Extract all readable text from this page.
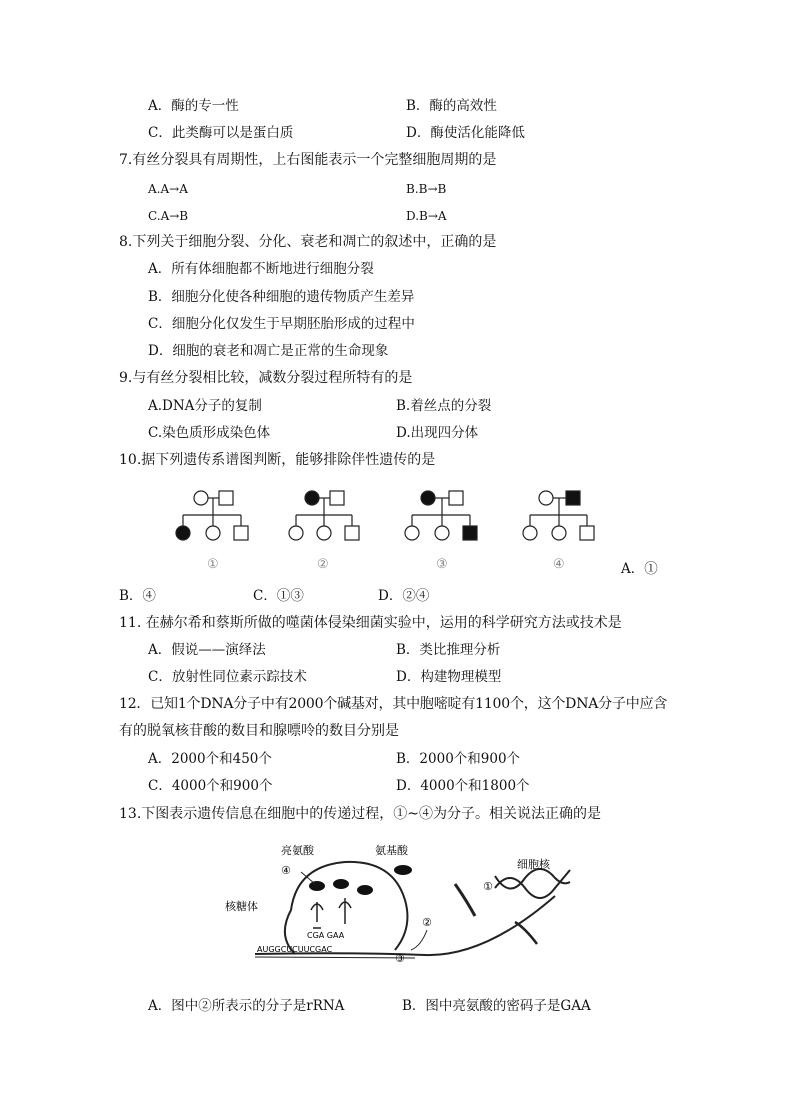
A．酶的专一性	B．酶的高效性
C．此类酶可以是蛋白质	D．酶使活化能降低
7.有丝分裂具有周期性，上右图能表示一个完整细胞周期的是
A.A→A	B.B→B
C.A→B	D.B→A
8.下列关于细胞分裂、分化、衰老和凋亡的叙述中，正确的是
A．所有体细胞都不断地进行细胞分裂
B．细胞分化使各种细胞的遗传物质产生差异
C．细胞分化仅发生于早期胚胎形成的过程中
D．细胞的衰老和凋亡是正常的生命现象
9.与有丝分裂相比较，减数分裂过程所特有的是
A.DNA分子的复制	B.着丝点的分裂
C.染色质形成染色体	D.出现四分体
10.据下列遗传系谱图判断，能够排除伴性遗传的是
①	②	③	④	A．①
B．④	C．①③	D．②④
11. 在赫尔希和蔡斯所做的噬菌体侵染细菌实验中，运用的科学研究方法或技术是
A．假说——演绎法	B．类比推理分析
C．放射性同位素示踪技术	D．构建物理模型
12．已知1个DNA分子中有2000个碱基对，其中胞嘧啶有1100个，这个DNA分子中应含
有的脱氧核苷酸的数目和腺嘌呤的数目分别是
A．2000个和450个	B．2000个和900个
C．4000个和900个	D．4000个和1800个
13.下图表示遗传信息在细胞中的传递过程，①~④为分子。相关说法正确的是
亮氨酸	氨基酸
细胞核
核糖体
①
②
③
④
CGA GAA
AUGGCUCUUCGAC
A．图中②所表示的分子是rRNA	B．图中亮氨酸的密码子是GAA
